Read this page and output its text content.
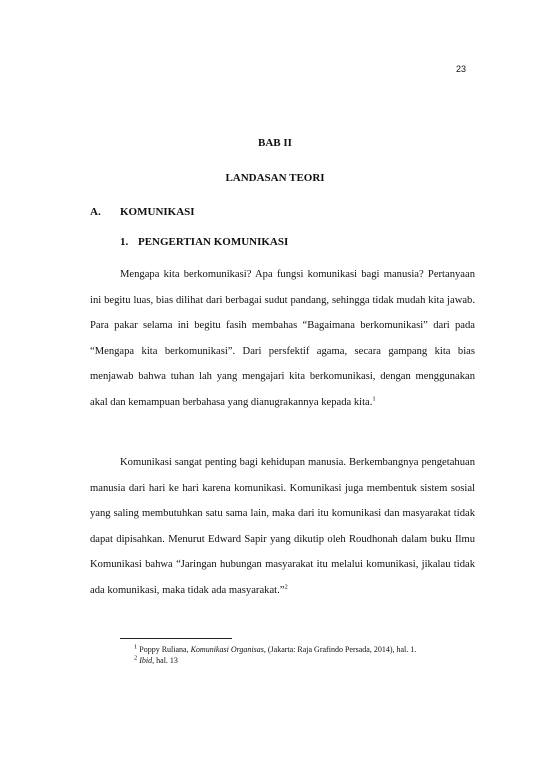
23
BAB II
LANDASAN TEORI
A. KOMUNIKASI
1. PENGERTIAN KOMUNIKASI

Mengapa kita berkomunikasi? Apa fungsi komunikasi bagi manusia? Pertanyaan ini begitu luas, bias dilihat dari berbagai sudut pandang, sehingga tidak mudah kita jawab. Para pakar selama ini begitu fasih membahas “Bagaimana berkomunikasi” dari pada “Mengapa kita berkomunikasi”. Dari persfektif agama, secara gampang kita bias menjawab bahwa tuhan lah yang mengajari kita berkomunikasi, dengan menggunakan akal dan kemampuan berbahasa yang dianugrakannya kepada kita.$^1$

Komunikasi sangat penting bagi kehidupan manusia. Berkembangnya pengetahuan manusia dari hari ke hari karena komunikasi. Komunikasi juga membentuk sistem sosial yang saling membutuhkan satu sama lain, maka dari itu komunikasi dan masyarakat tidak dapat dipisahkan. Menurut Edward Sapir yang dikutip oleh Roudhonah dalam buku Ilmu Komunikasi bahwa “Jaringan hubungan masyarakat itu melalui komunikasi, jikalau tidak ada komunikasi, maka tidak ada masyarakat.”$^2$

$^1$ Poppy Ruliana, Komunikasi Organisas, (Jakarta: Raja Grafindo Persada, 2014), hal. 1.
$^2$ Ibid, hal. 13
